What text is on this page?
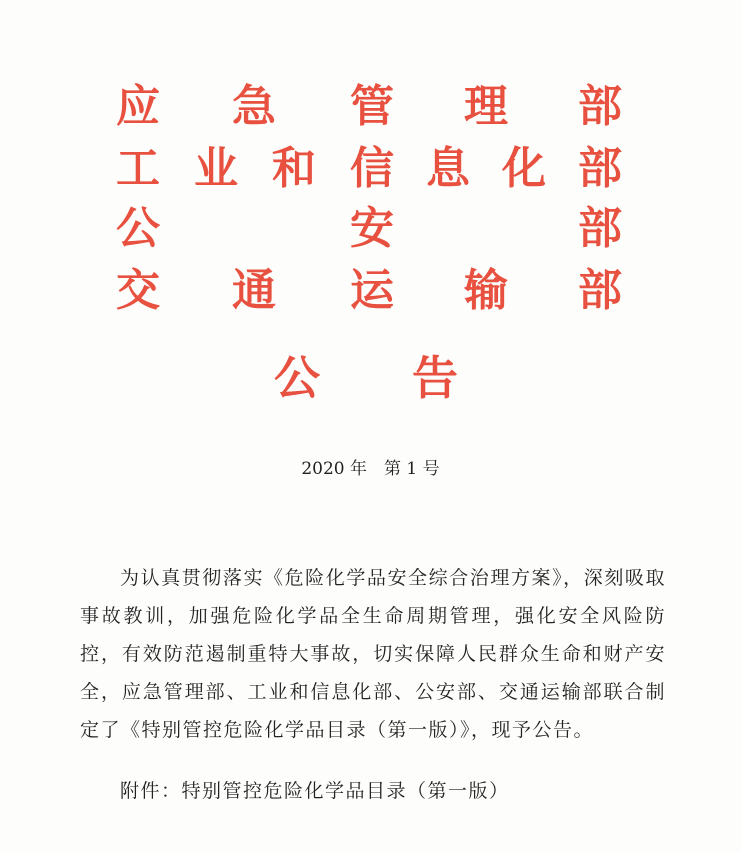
应 急 管 理 部
工 业 和 信 息 化 部
公	安	部
交 通 运 输 部
公 告
2020 年　第 1 号

为认真贯彻落实《危险化学品安全综合治理方案》，深刻吸取事故教训，加强危险化学品全生命周期管理，强化安全风险防控，有效防范遏制重特大事故，切实保障人民群众生命和财产安全，应急管理部、工业和信息化部、公安部、交通运输部联合制定了《特别管控危险化学品目录（第一版）》，现予公告。

附件：特别管控危险化学品目录（第一版）
